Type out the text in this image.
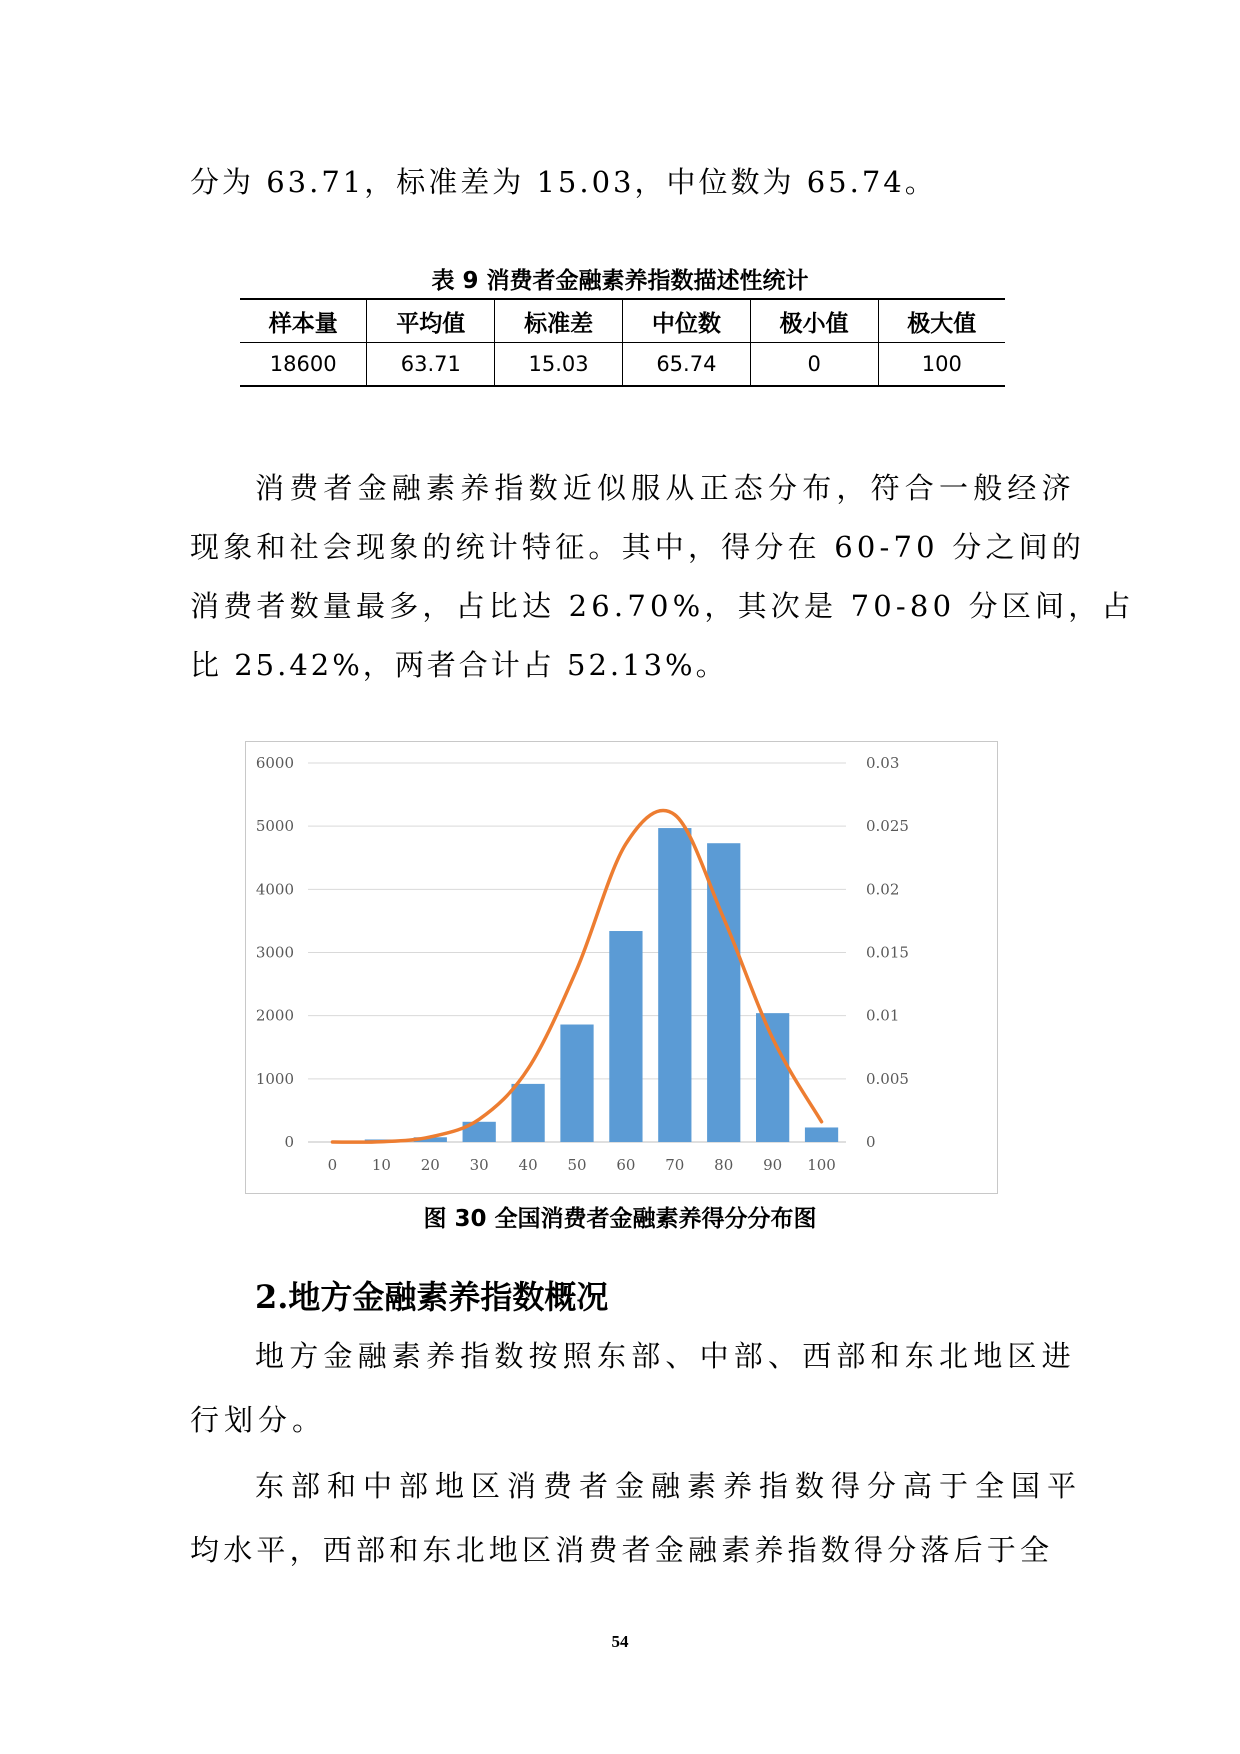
分为 63.71，标准差为 15.03，中位数为 65.74。

表 9 消费者金融素养指数描述性统计
样本量	平均值	标准差	中位数	极小值	极大值
18600	63.71	15.03	65.74	0	100

消费者金融素养指数近似服从正态分布，符合一般经济

现象和社会现象的统计特征。其中，得分在 60-70 分之间的

消费者数量最多，占比达 26.70%，其次是 70-80 分区间，占

比 25.42%，两者合计占 52.13%。

0	0
1000	0.005
2000	0.01
3000	0.015
4000	0.02
5000	0.025
6000	0.03
0 10 20 30 40 50 60 70 80 90 100
图 30 全国消费者金融素养得分分布图
2.地方金融素养指数概况

地方金融素养指数按照东部、中部、西部和东北地区进

行划分。

东部和中部地区消费者金融素养指数得分高于全国平

均水平，西部和东北地区消费者金融素养指数得分落后于全

54
